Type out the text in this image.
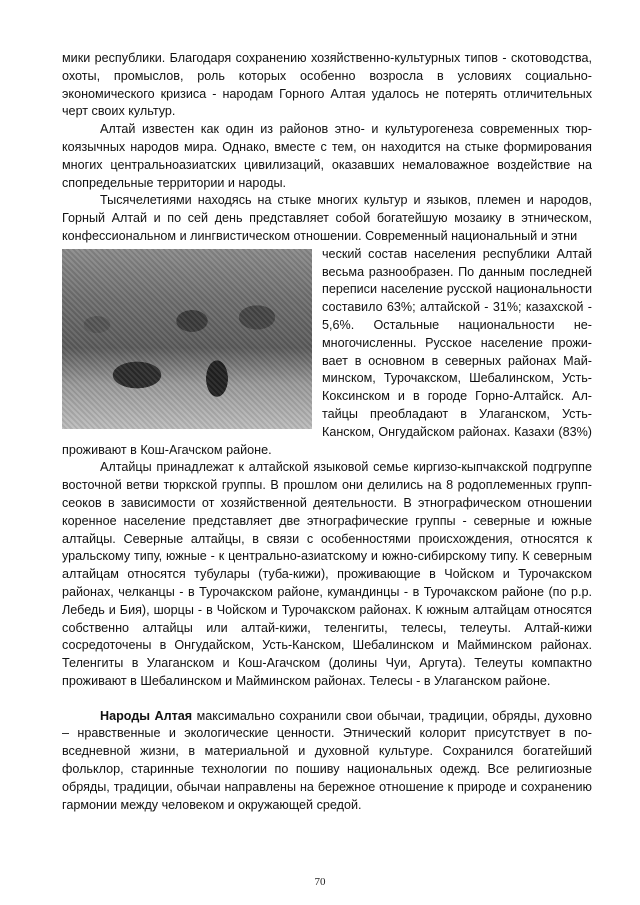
мики республики. Благодаря сохранению хозяйственно-культурных типов - скотоводства, охоты, промыслов, роль которых особенно возросла в условиях социальноэкономического кризиса - народам Горного Алтая удалось не потерять отличительных черт своих культур.

Алтай известен как один из районов этно- и культурогенеза современных тюркоязычных народов мира. Однако, вместе с тем, он находится на стыке формирования многих центральноазиатских цивилизаций, оказавших немаловажное воздействие на спопредельные территории и народы.

Тысячелетиями находясь на стыке многих культур и языков, племен и народов, Горный Алтай и по сей день представляет собой богатейшую мозаику в этническом, конфессиональном и лингвистическом отношении. Современный национальный и этни

ческий состав населения республики Алтай весьма разнообразен. По данным последней переписи население русской национальности составило 63%; алтайской - 31%; казахской - 5,6%. Остальные национальности немногочисленны. Русское население проживает в основном в северных районах Майминском, Турочакском, Шебалинском, Усть-Коксинском и в городе Горно-Алтайск. Алтайцы преобладают в Улаганском, Усть-Канском, Онгудайском районах. Казахи (83%) проживают в Кош-Агачском районе.

Алтайцы принадлежат к алтайской языковой семье киргизо-кыпчакской подгруппе восточной ветви тюркской группы. В прошлом они делились на 8 родоплеменных групп-сеоков в зависимости от хозяйственной деятельности. В этнографическом отношении коренное население представляет две этнографические группы - северные и южные алтайцы. Северные алтайцы, в связи с особенностями происхождения, относятся к уральскому типу, южные - к центрально-азиатскому и южно-сибирскому типу. К северным алтайцам относятся тубулары (туба-кижи), проживающие в Чойском и Турочакском районах, челканцы - в Турочакском районе, кумандинцы - в Турочакском районе (по р.р. Лебедь и Бия), шорцы - в Чойском и Турочакском районах. К южным алтайцам относятся собственно алтайцы или алтай-кижи, теленгиты, телесы, телеуты. Алтай-кижи сосредоточены в Онгудайском, Усть-Канском, Шебалинском и Майминском районах. Теленгиты в Улаганском и Кош-Агачском (долины Чуи, Аргута). Телеуты компактно проживают в Шебалинском и Майминском районах. Телесы - в Улаганском районе.

Народы Алтая максимально сохранили свои обычаи, традиции, обряды, духовно – нравственные и экологические ценности. Этнический колорит присутствует в повседневной жизни, в материальной и духовной культуре. Сохранился богатейший фольклор, старинные технологии по пошиву национальных одежд. Все религиозные обряды, традиции, обычаи направлены на бережное отношение к природе и сохранению гармонии между человеком и окружающей средой.

70
